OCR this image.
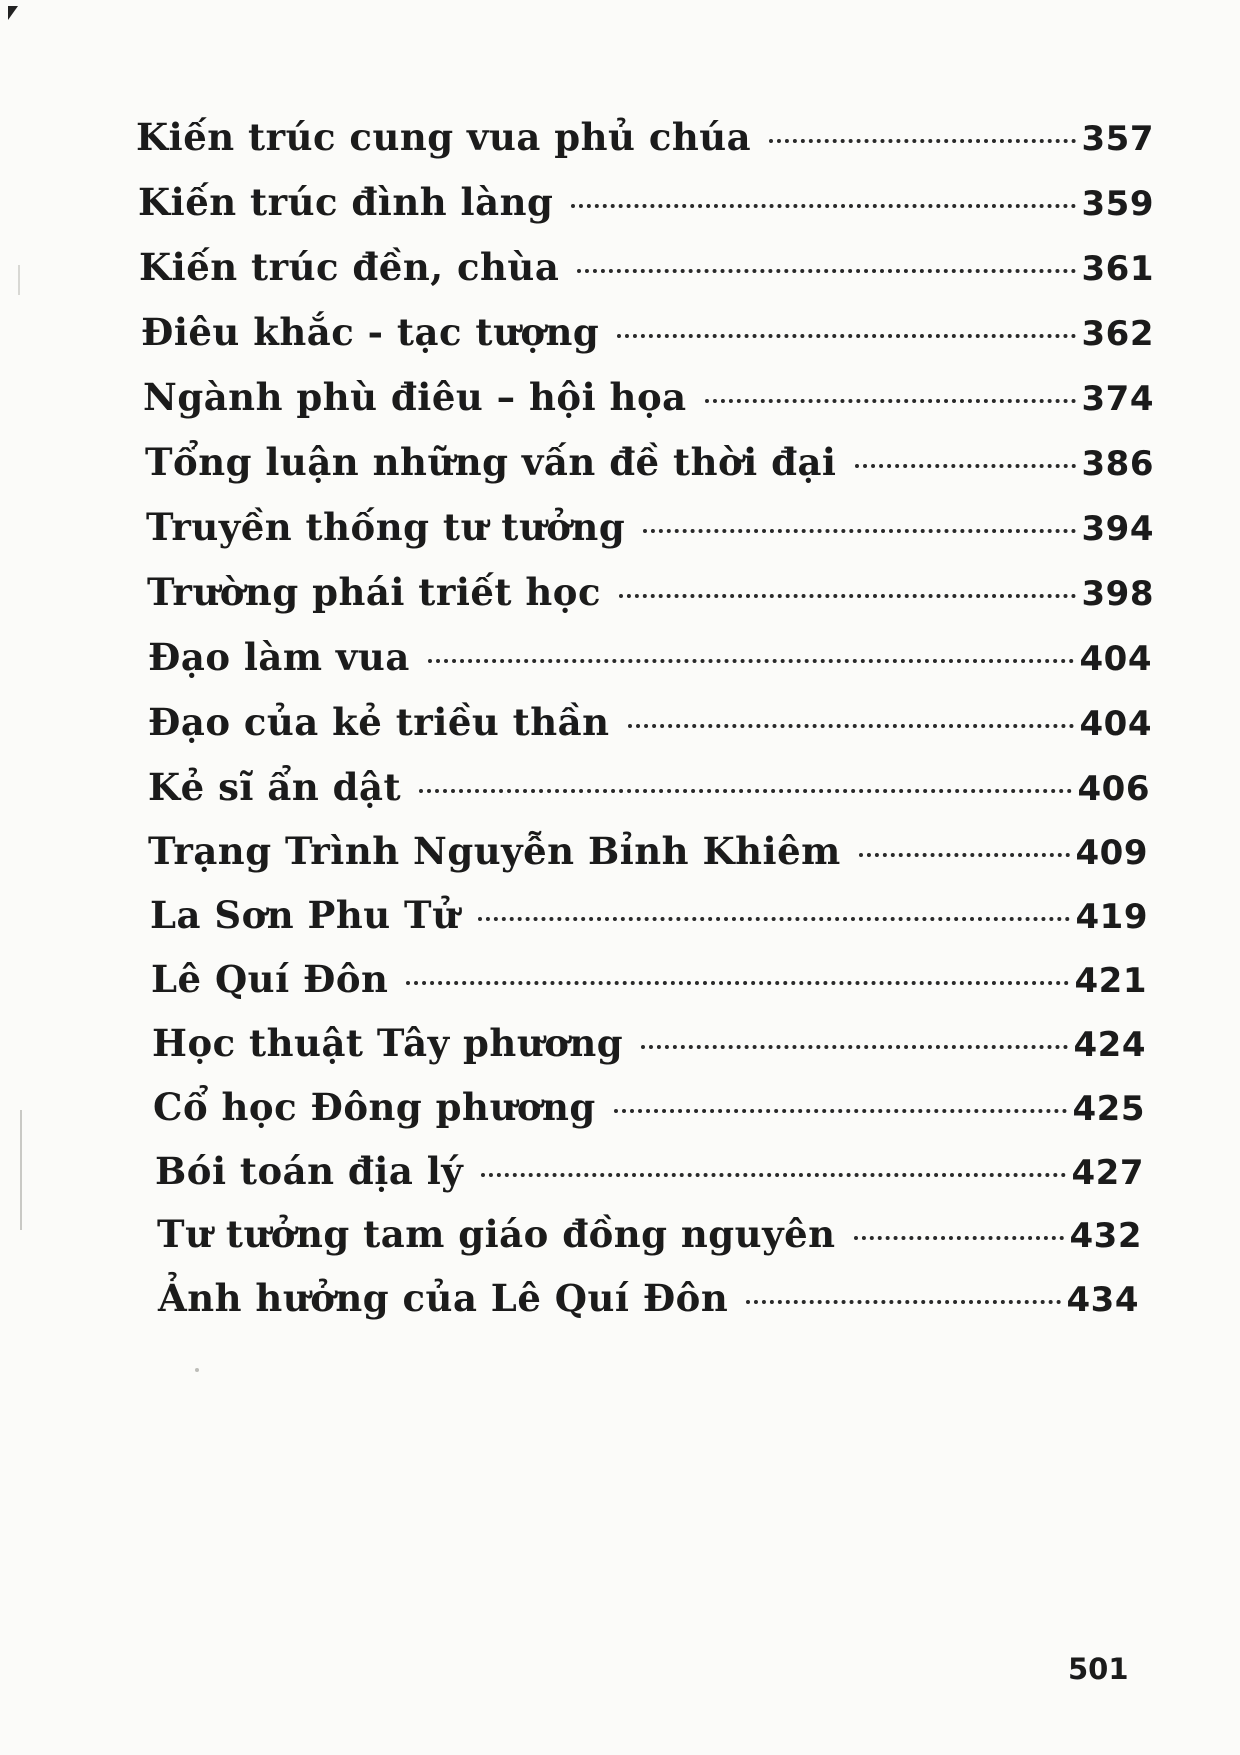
Kiến trúc cung vua phủ chúa	357
Kiến trúc đình làng	359
Kiến trúc đền, chùa	361
Điêu khắc - tạc tượng	362
Ngành phù điêu – hội họa	374
Tổng luận những vấn đề thời đại	386
Truyền thống tư tưởng	394
Trường phái triết học	398
Đạo làm vua	404
Đạo của kẻ triều thần	404
Kẻ sĩ ẩn dật	406
Trạng Trình Nguyễn Bỉnh Khiêm	409
La Sơn Phu Tử	419
Lê Quí Đôn	421
Học thuật Tây phương	424
Cổ học Đông phương	425
Bói toán địa lý	427
Tư tưởng tam giáo đồng nguyên	432
Ảnh hưởng của Lê Quí Đôn	434
501
